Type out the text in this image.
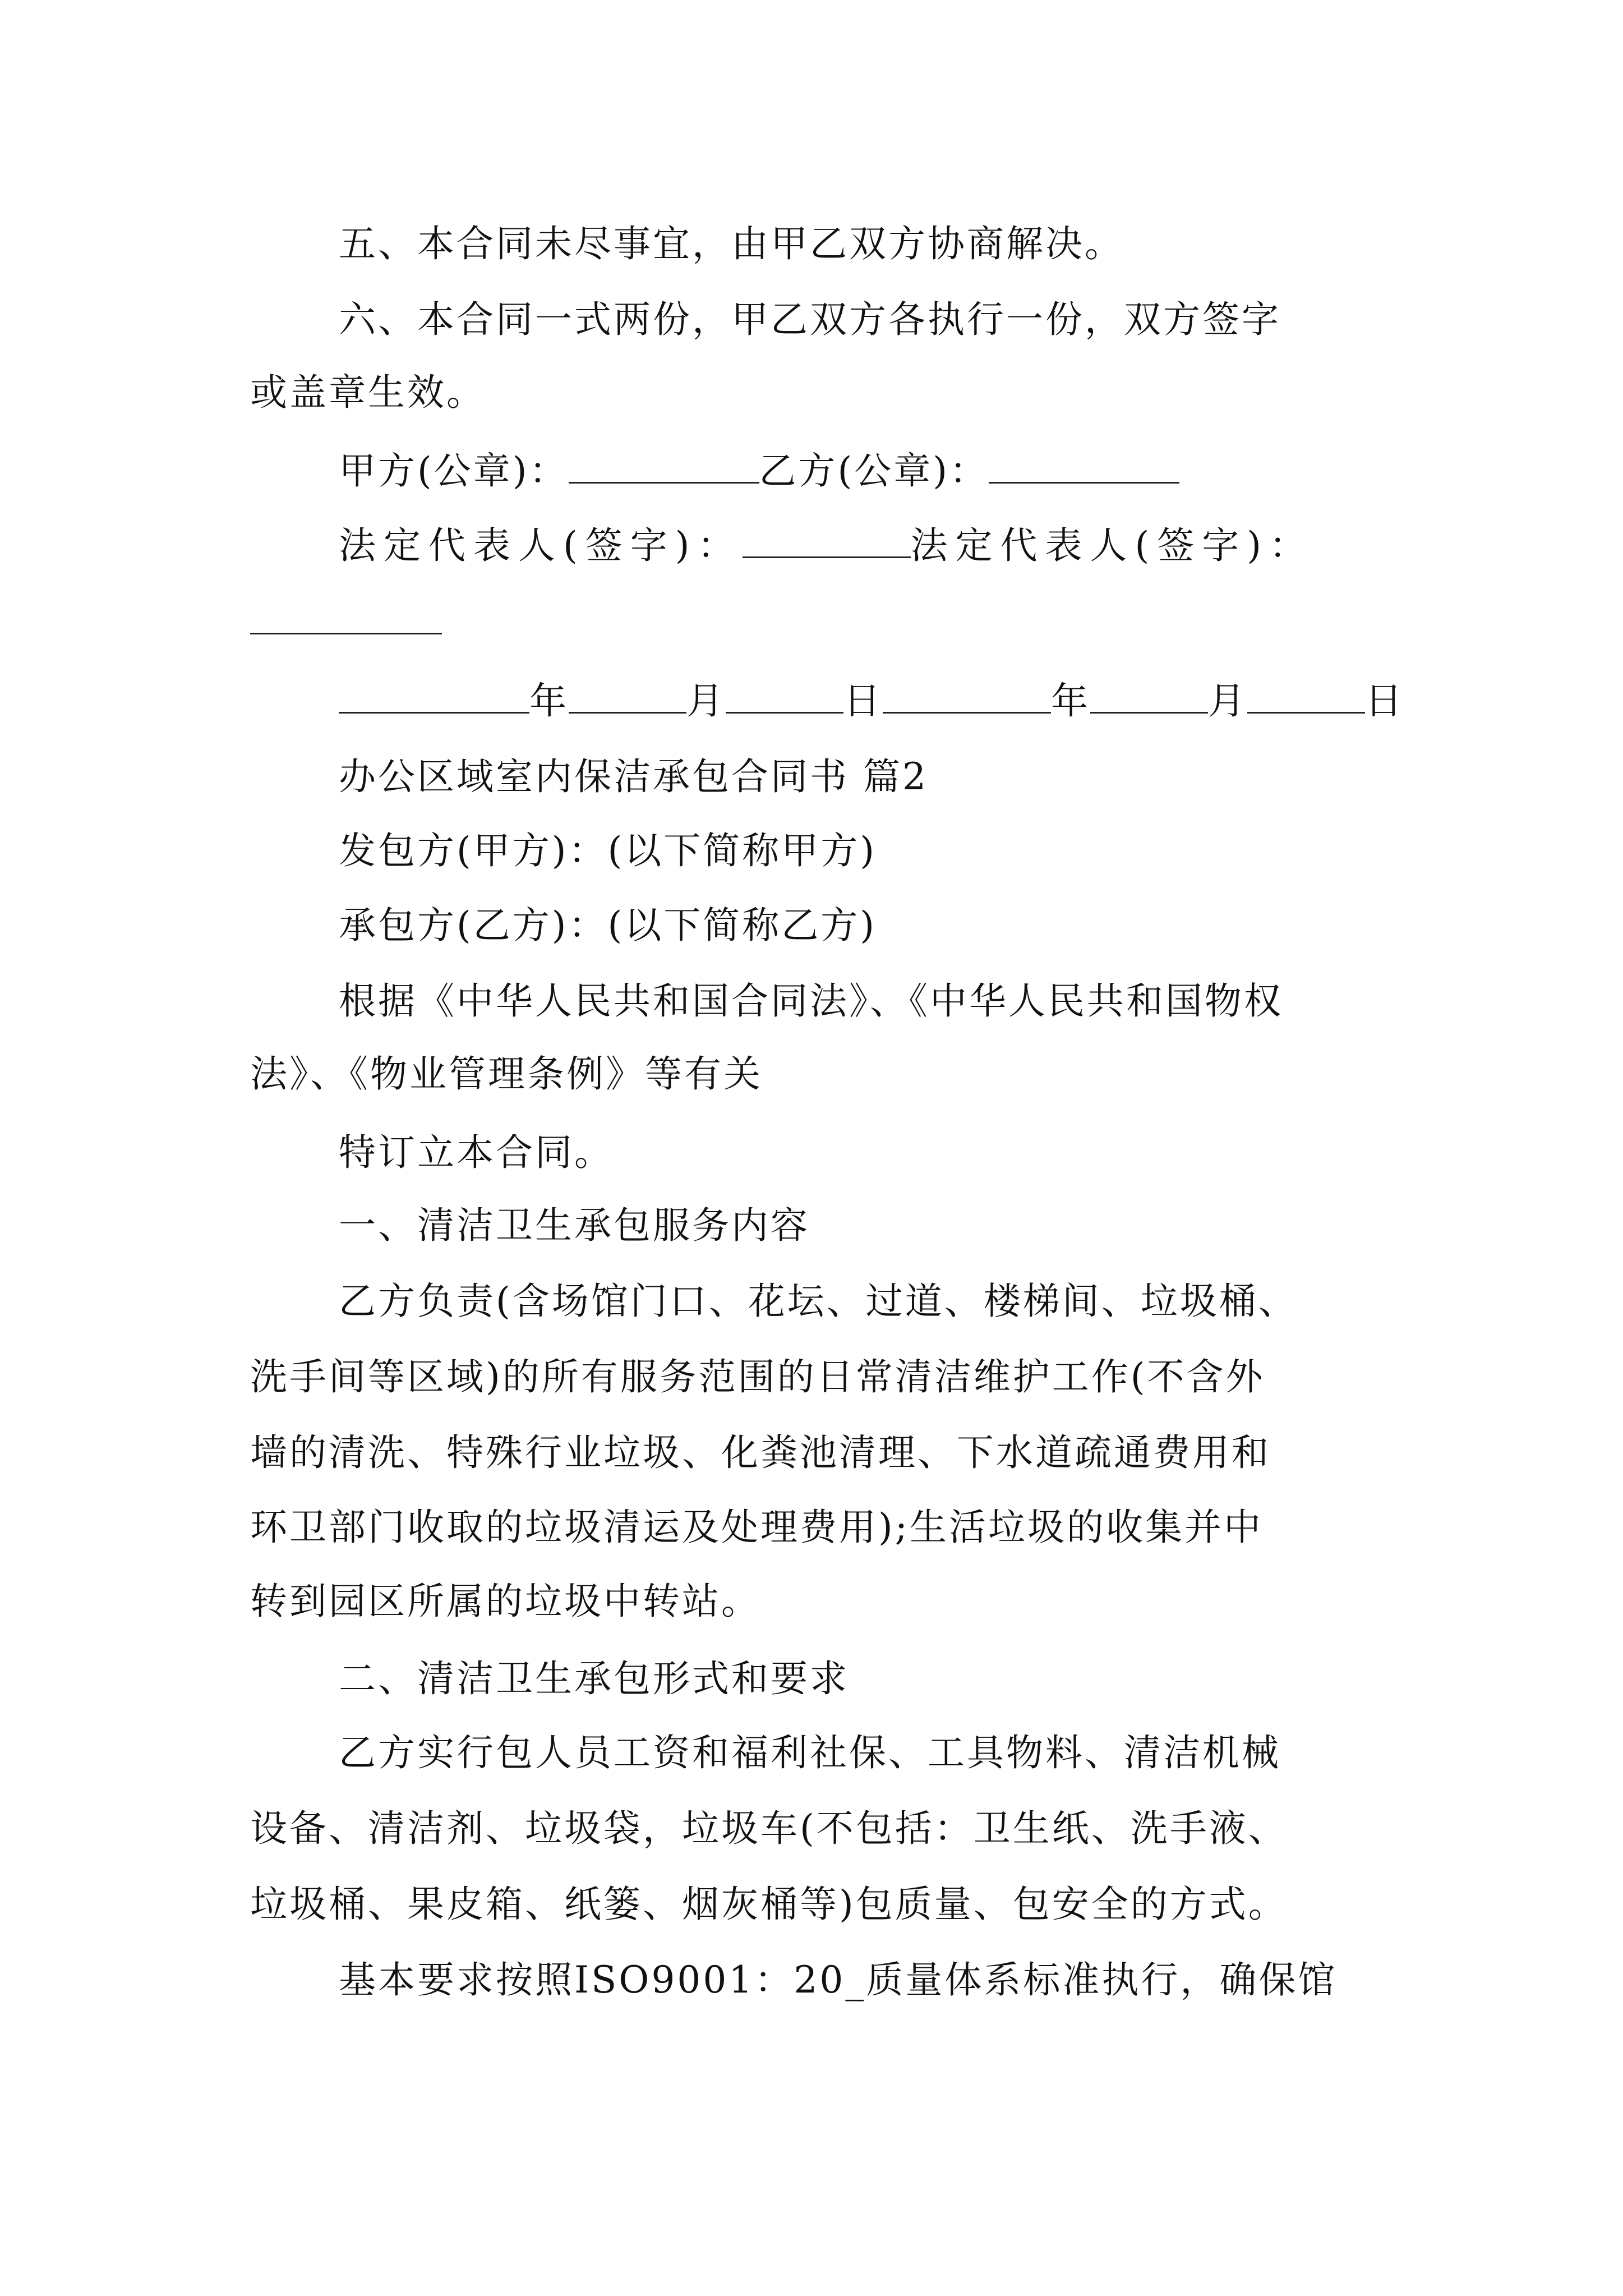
五、本合同未尽事宜，由甲乙双方协商解决。

六、本合同一式两份，甲乙双方各执行一份，双方签字

或盖章生效。

甲方(公章)：	乙方(公章)：

法定代表人(签字)：	法定代表人(签字)：

年	月	日	年	月	日

办公区域室内保洁承包合同书 篇2

发包方(甲方)：(以下简称甲方)

承包方(乙方)：(以下简称乙方)

根据《中华人民共和国合同法》、《中华人民共和国物权

法》、《物业管理条例》等有关

特订立本合同。

一、清洁卫生承包服务内容

乙方负责(含场馆门口、花坛、过道、楼梯间、垃圾桶、

洗手间等区域)的所有服务范围的日常清洁维护工作(不含外

墙的清洗、特殊行业垃圾、化粪池清理、下水道疏通费用和

环卫部门收取的垃圾清运及处理费用);生活垃圾的收集并中

转到园区所属的垃圾中转站。

二、清洁卫生承包形式和要求

乙方实行包人员工资和福利社保、工具物料、清洁机械

设备、清洁剂、垃圾袋，垃圾车(不包括：卫生纸、洗手液、

垃圾桶、果皮箱、纸篓、烟灰桶等)包质量、包安全的方式。

基本要求按照ISO9001：20_质量体系标准执行，确保馆
